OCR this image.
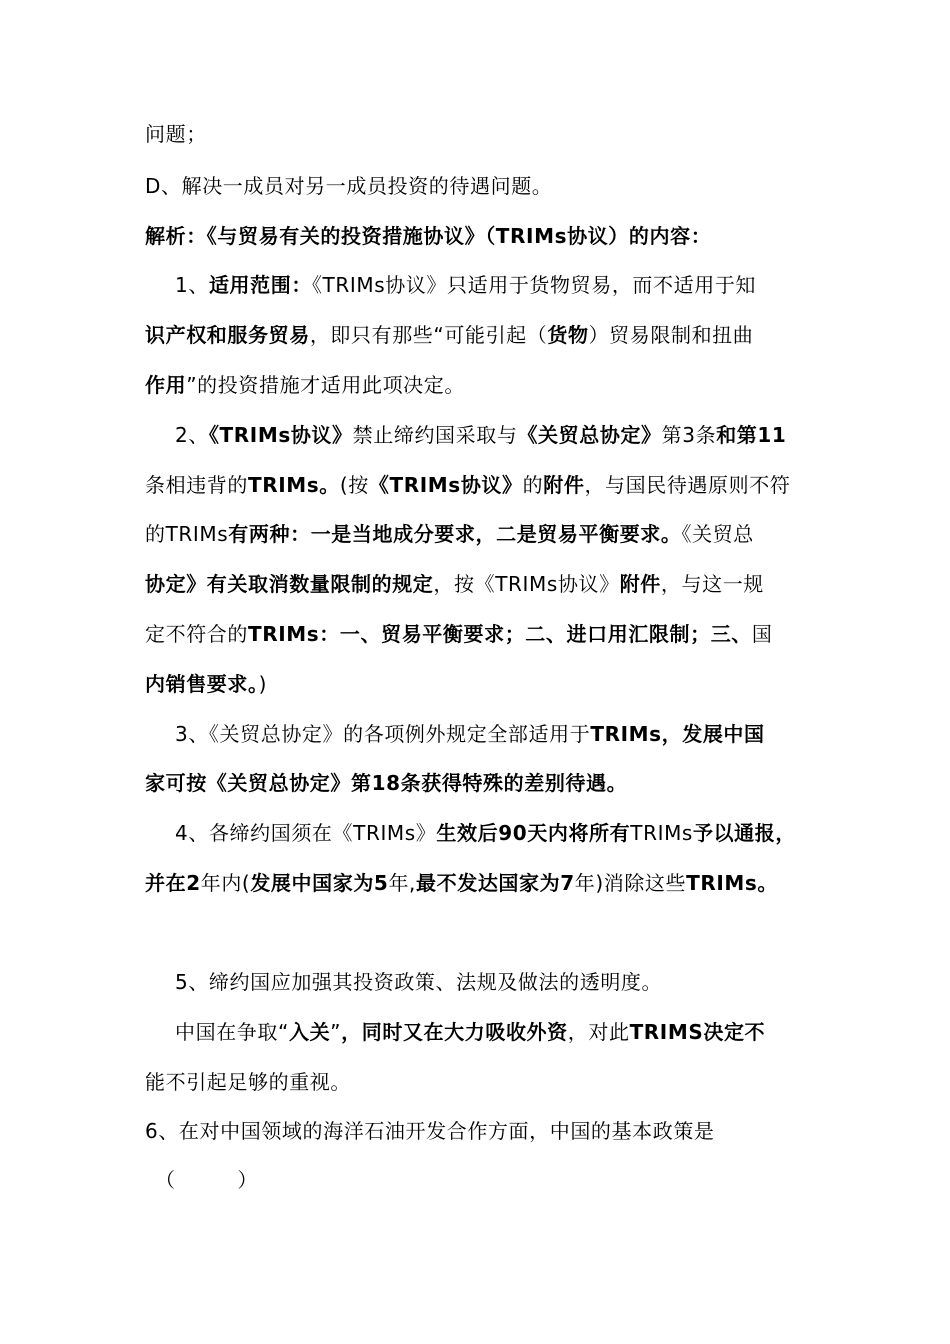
问题；

D、解决一成员对另一成员投资的待遇问题。

解析：《与贸易有关的投资措施协议》（TRIMs协议）的内容：

1、适用范围：《TRIMs协议》只适用于货物贸易，而不适用于知

识产权和服务贸易，即只有那些“可能引起（货物）贸易限制和扭曲

作用”的投资措施才适用此项决定。

2、《TRIMs协议》禁止缔约国采取与《关贸总协定》第3条和第11

条相违背的TRIMs。(按《TRIMs协议》的附件，与国民待遇原则不符

的TRIMs有两种：一是当地成分要求，二是贸易平衡要求。《关贸总

协定》有关取消数量限制的规定，按《TRIMs协议》附件，与这一规

定不符合的TRIMs：一、贸易平衡要求；二、进口用汇限制；三、国

内销售要求。)

3、《关贸总协定》的各项例外规定全部适用于TRIMs，发展中国

家可按《关贸总协定》第18条获得特殊的差别待遇。

4、各缔约国须在《TRIMs》生效后90天内将所有TRIMs予以通报，

并在2年内(发展中国家为5年,最不发达国家为7年)消除这些TRIMs。

5、缔约国应加强其投资政策、法规及做法的透明度。

中国在争取“入关”，同时又在大力吸收外资，对此TRIMS决定不

能不引起足够的重视。

6、在对中国领域的海洋石油开发合作方面，中国的基本政策是

（　　　）
